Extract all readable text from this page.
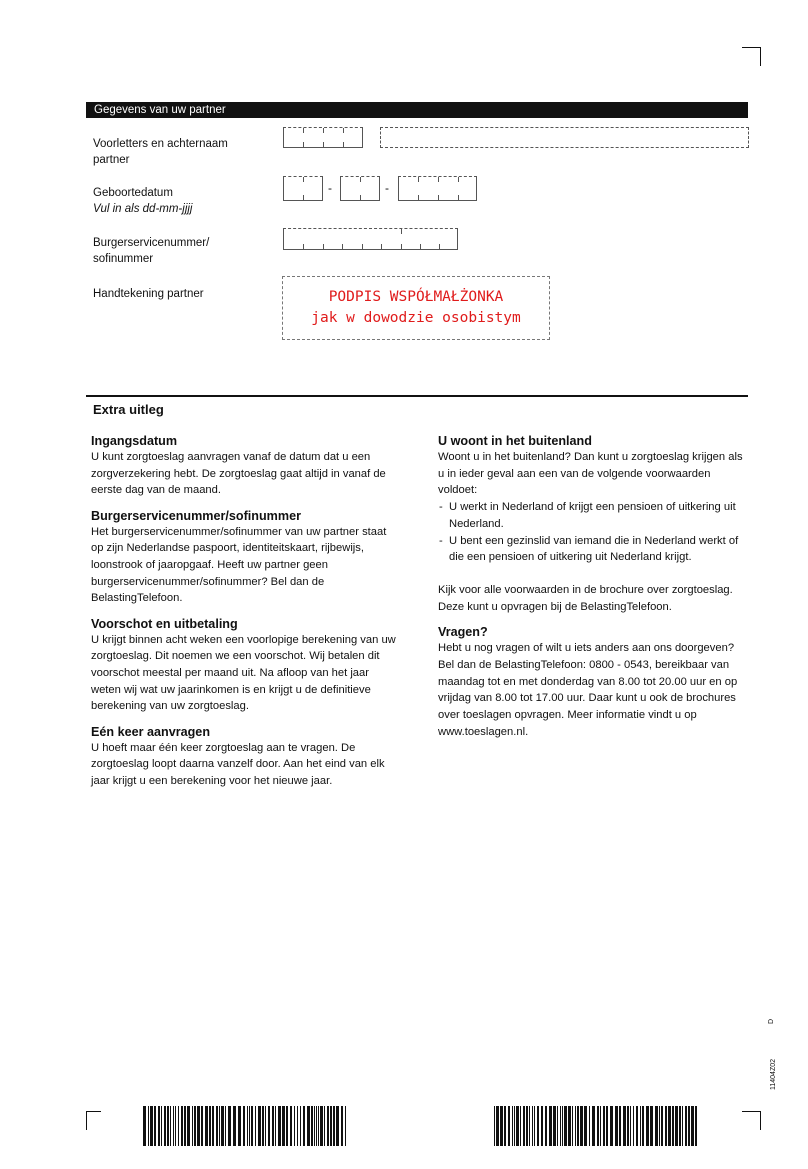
Gegevens van uw partner
Voorletters en achternaam partner
Geboortedatum
Vul in als dd-mm-jjjj
-	-
Burgerservicenummer/ sofinummer
Handtekening partner	PODPIS WSPÓŁMAŁŻONKA
jak w dowodzie osobistym
Extra uitleg
Ingangsdatum

U kunt zorgtoeslag aanvragen vanaf de datum dat u een zorgverzekering hebt. De zorgtoeslag gaat altijd in vanaf de eerste dag van de maand.

Burgerservicenummer/sofinummer

Het burgerservicenummer/sofinummer van uw partner staat op zijn Nederlandse paspoort, identiteitskaart, rijbewijs, loonstrook of jaaropgaaf. Heeft uw partner geen burgerservicenummer/sofinummer? Bel dan de BelastingTelefoon.

Voorschot en uitbetaling

U krijgt binnen acht weken een voorlopige berekening van uw zorgtoeslag. Dit noemen we een voorschot. Wij betalen dit voorschot meestal per maand uit. Na afloop van het jaar weten wij wat uw jaarinkomen is en krijgt u de definitieve berekening van uw zorgtoeslag.

Eén keer aanvragen

U hoeft maar één keer zorgtoeslag aan te vragen. De zorgtoeslag loopt daarna vanzelf door. Aan het eind van elk jaar krijgt u een berekening voor het nieuwe jaar.

U woont in het buitenland

Woont u in het buitenland? Dan kunt u zorgtoeslag krijgen als u in ieder geval aan een van de volgende voorwaarden voldoet:

- U werkt in Nederland of krijgt een pensioen of uitkering uit Nederland.
- U bent een gezinslid van iemand die in Nederland werkt of die een pensioen of uitkering uit Nederland krijgt.

Kijk voor alle voorwaarden in de brochure over zorgtoeslag. Deze kunt u opvragen bij de BelastingTelefoon.

Vragen?

Hebt u nog vragen of wilt u iets anders aan ons doorgeven? Bel dan de BelastingTelefoon: 0800 - 0543, bereikbaar van maandag tot en met donderdag van 8.00 tot 20.00 uur en op vrijdag van 8.00 tot 17.00 uur. Daar kunt u ook de brochures over toeslagen opvragen. Meer informatie vindt u op www.toeslagen.nl.

D
11404Z02
